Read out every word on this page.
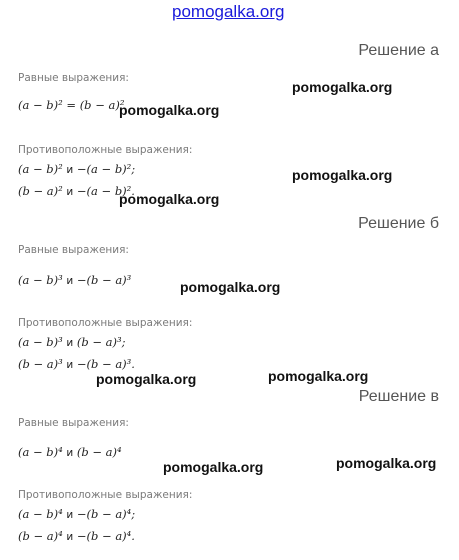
pomogalka.org
Решение а
Равные выражения:
(a − b)² = (b − a)²
Противоположные выражения:
(a − b)² и −(a − b)²;
(b − a)² и −(a − b)².
Решение б
Равные выражения:
(a − b)³ и −(b − a)³
Противоположные выражения:
(a − b)³ и (b − a)³;
(b − a)³ и −(b − a)³.
Решение в
Равные выражения:
(a − b)⁴ и (b − a)⁴
Противоположные выражения:
(a − b)⁴ и −(b − a)⁴;
(b − a)⁴ и −(b − a)⁴.
pomogalka.org
pomogalka.org
pomogalka.org
pomogalka.org
pomogalka.org
pomogalka.org	pomogalka.org
pomogalka.org	pomogalka.org
